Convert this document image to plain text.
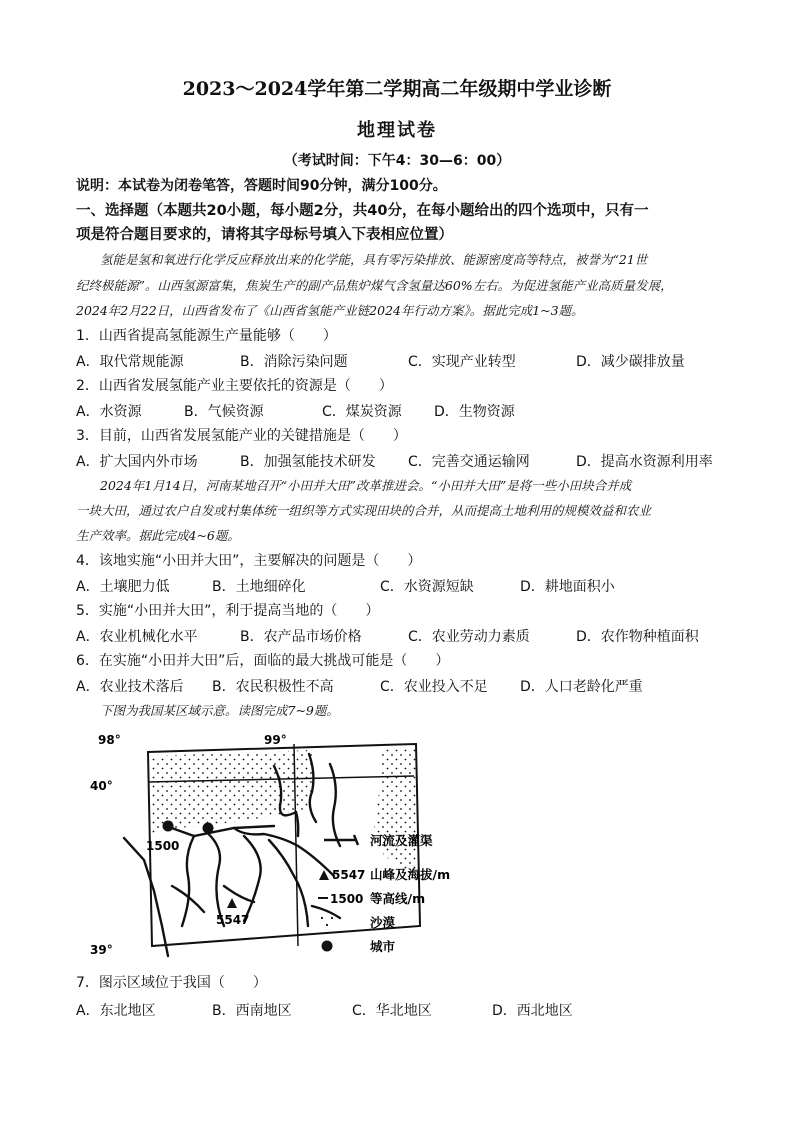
2023～2024学年第二学期高二年级期中学业诊断
地理试卷
（考试时间：下午4：30—6：00）
说明：本试卷为闭卷笔答，答题时间90分钟，满分100分。
一、选择题（本题共20小题，每小题2分，共40分，在每小题给出的四个选项中，只有一
项是符合题目要求的，请将其字母标号填入下表相应位置）
氢能是氢和氧进行化学反应释放出来的化学能，具有零污染排放、能源密度高等特点，被誉为“21世
纪终极能源”。山西氢源富集，焦炭生产的副产品焦炉煤气含氢量达60%左右。为促进氢能产业高质量发展，
2024年2月22日，山西省发布了《山西省氢能产业链2024年行动方案》。据此完成1~3题。
1．山西省提高氢能源生产量能够（　　）
A．取代常规能源	B．消除污染问题	C．实现产业转型	D．减少碳排放量
2．山西省发展氢能产业主要依托的资源是（　　）
A．水资源	B．气候资源	C．煤炭资源 D．生物资源
3．目前，山西省发展氢能产业的关键措施是（　　）
A．扩大国内外市场	B．加强氢能技术研发 C．完善交通运输网	D．提高水资源利用率
2024年1月14日，河南某地召开“小田并大田”改革推进会。“小田并大田”是将一些小田块合并成
一块大田，通过农户自发或村集体统一组织等方式实现田块的合并，从而提高土地利用的规模效益和农业
生产效率。据此完成4~6题。
4．该地实施“小田并大田”，主要解决的问题是（　　）
A．土壤肥力低	B．土地细碎化	C．水资源短缺	D．耕地面积小
5．实施“小田并大田”，利于提高当地的（　　）
A．农业机械化水平	B．农产品市场价格	C．农业劳动力素质	D．农作物种植面积
6．在实施“小田并大田”后，面临的最大挑战可能是（　　）
A．农业技术落后 B．农民积极性不高	C．农业投入不足 D．人口老龄化严重
下图为我国某区域示意。读图完成7~9题。
98°	99°
40°
39°
1500
5547
河流及灌渠
5547 山峰及海拔/m
1500 等高线/m
沙漠
城市
7．图示区域位于我国（　　）
A．东北地区	B．西南地区	C．华北地区	D．西北地区
